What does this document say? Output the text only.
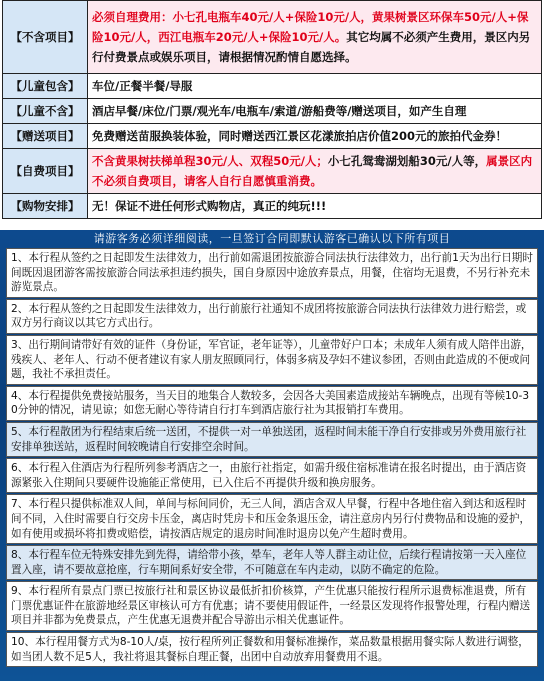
【不含项目】	必须自理费用：小七孔电瓶车40元/人+保险10元/人，黄果树景区环保车50元/人+保险10元/人，西江电瓶车20元/人+保险10元/人。其它均属不必须产生费用，景区内另行付费景点或娱乐项目，请根据情况酌情自愿选择。
【儿童包含】	车位/正餐半餐/导服
【儿童不含】	酒店早餐/床位/门票/观光车/电瓶车/索道/游船费等/赠送项目，如产生自理
【赠送项目】	免费赠送苗服换装体验，同时赠送西江景区花漾旅拍店价值200元的旅拍代金券！
【自费项目】	不含黄果树扶梯单程30元/人、双程50元/人；小七孔鸳鸯湖划船30元/人等，属景区内不必须自费项目，请客人自行自愿慎重消费。
【购物安排】	无！保证不进任何形式购物店，真正的纯玩!!!
请游客务必须详细阅读，一旦签订合同即默认游客已确认以下所有项目
1、本行程从签约之日起即发生法律效力，出行前如需退团按旅游合同法执行法律效力，出行前1天为出行日期时间既因退团游客需按旅游合同法承担违约损失，国自身原因中途放弃景点，用餐，住宿均无退费，不另行补充未游览景点。
2、本行程从签约之日起即发生法律效力，出行前旅行社通知不成团将按旅游合同法执行法律效力进行赔尝，或双方另行商议以其它方式出行。
3、出行期间请带好有效的证件（身份证，军官证，老年证等），儿童带好户口本；未成年人须有成人陪伴出游，残疾人、老年人、行动不便者建议有家人朋友照顾同行，体弱多病及孕妇不建议参团，否则由此造成的不便或问题，我社不承担责任。
4、本行程提供免费接站服务，当天目的地集合人数较多，会因各大美国素造成接站车辆晚点，出现有等候10-30分钟的情况，请见谅；如您无耐心等待请自行打车到酒店旅行社为其报销打车费用。
5、本行程散团为行程结束后统一送团，不提供一对一单独送团，返程时间未能干净自行安排或另外费用旅行社安排单独送站，返程时间较晚请自行安排空余时间。
6、本行程入住酒店为行程所列参考酒店之一，由旅行社指定，如需升级住宿标准请在报名时提出，由于酒店资源紧张入住期间只要硬件设施能正常使用，已入住后不再提供升级和换房服务。
7、本行程只提供标准双人间，单间与标间同价，无三人间，酒店含双人早餐，行程中各地住宿入到达和返程时间不同，入住时需要自行交房卡压金，离店时凭房卡和压金条退压金，请注意房内另行付费物品和设施的爱护，如有使用或损坏将扣费或赔偿，请按酒店规定的退房时间准时退房以免产生超时费用。
8、本行程车位无特殊安排先到先得，请给带小孩，晕车，老年人等人群主动让位，后续行程请按第一天入座位置入座，请不要故意抢座，行车期间系好安全带，不可随意在车内走动，以防不确定的危险。
9、本行程所有景点门票已按旅行社和景区协议最低折扣价核算，产生优惠只能按行程所示退费标准退费，所有门票优惠证件在旅游地经景区审核认可方有优惠；请不要使用假证件，一经景区发现将作报警处理，行程内赠送项目并非都为免费景点，产生优惠无退费并配合导游出示相关优惠证件。
10、本行程用餐方式为8-10人/桌，按行程所列正餐数和用餐标准操作，菜品数量根据用餐实际人数进行调整，如当团人数不足5人，我社将退其餐标自理正餐，出团中自动放弃用餐费用不退。
